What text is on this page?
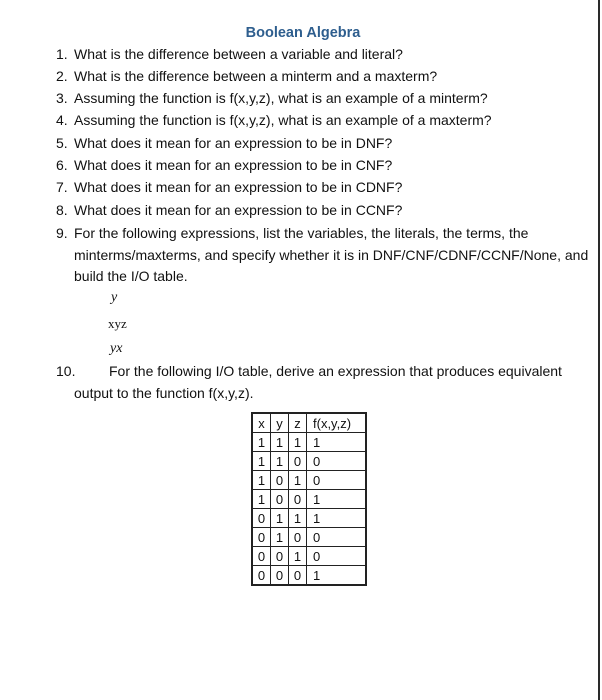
Boolean Algebra
1. What is the difference between a variable and literal?
2. What is the difference between a minterm and a maxterm?
3. Assuming the function is f(x,y,z), what is an example of a minterm?
4. Assuming the function is f(x,y,z), what is an example of a maxterm?
5. What does it mean for an expression to be in DNF?
6. What does it mean for an expression to be in CNF?
7. What does it mean for an expression to be in CDNF?
8. What does it mean for an expression to be in CCNF?
9. For the following expressions, list the variables, the literals, the terms, the
minterms/maxterms, and specify whether it is in DNF/CNF/CDNF/CCNF/None, and
build the I/O table.
y
xyz
yx
10. For the following I/O table, derive an expression that produces equivalent
output to the function f(x,y,z).
x	y	z	f(x,y,z)
1	1	1	1
1	1	0	0
1	0	1	0
1	0	0	1
0	1	1	1
0	1	0	0
0	0	1	0
0	0	0	1
